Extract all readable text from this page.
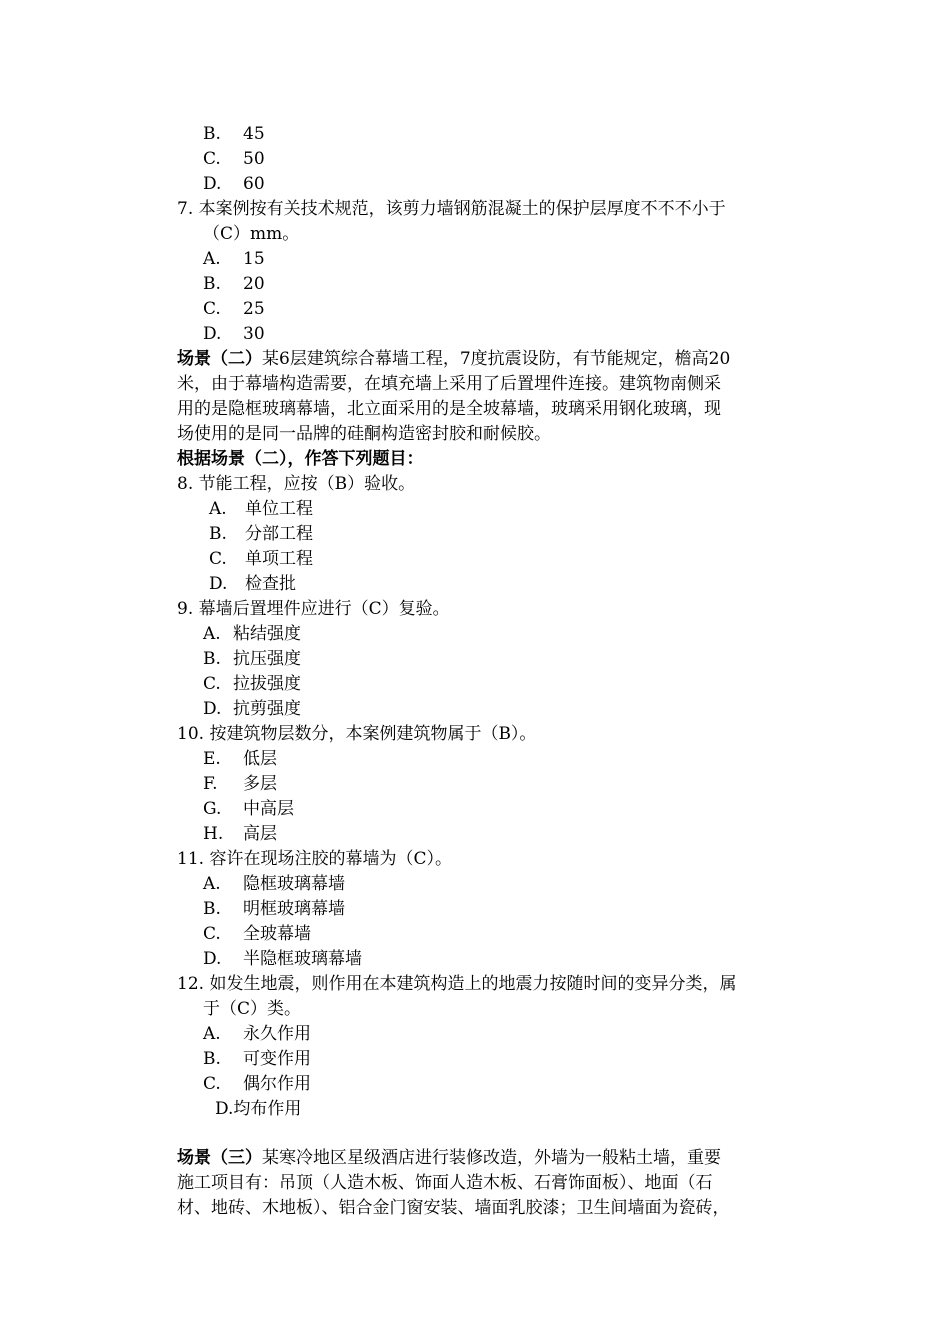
B. 45
C. 50
D. 60
7. 本案例按有关技术规范，该剪力墙钢筋混凝土的保护层厚度不不不小于
（C）mm。
A. 15
B. 20
C. 25
D. 30
场景（二）某6层建筑综合幕墙工程，7度抗震设防，有节能规定，檐高20
米，由于幕墙构造需要，在填充墙上采用了后置埋件连接。建筑物南侧采
用的是隐框玻璃幕墙，北立面采用的是全坡幕墙，玻璃采用钢化玻璃，现
场使用的是同一品牌的硅酮构造密封胶和耐候胶。
根据场景（二），作答下列题目：
8. 节能工程，应按（B）验收。
A. 单位工程
B. 分部工程
C. 单项工程
D. 检查批
9. 幕墙后置埋件应进行（C）复验。
A. 粘结强度
B. 抗压强度
C. 拉拔强度
D. 抗剪强度
10. 按建筑物层数分，本案例建筑物属于（B）。
E. 低层
F. 多层
G. 中高层
H. 高层
11. 容许在现场注胶的幕墙为（C）。
A. 隐框玻璃幕墙
B. 明框玻璃幕墙
C. 全玻幕墙
D. 半隐框玻璃幕墙
12. 如发生地震，则作用在本建筑构造上的地震力按随时间的变异分类，属
于（C）类。
A. 永久作用
B. 可变作用
C. 偶尔作用
D.均布作用
场景（三）某寒冷地区星级酒店进行装修改造，外墙为一般粘土墙，重要
施工项目有：吊顶（人造木板、饰面人造木板、石膏饰面板）、地面（石
材、地砖、木地板）、铝合金门窗安装、墙面乳胶漆；卫生间墙面为瓷砖，
